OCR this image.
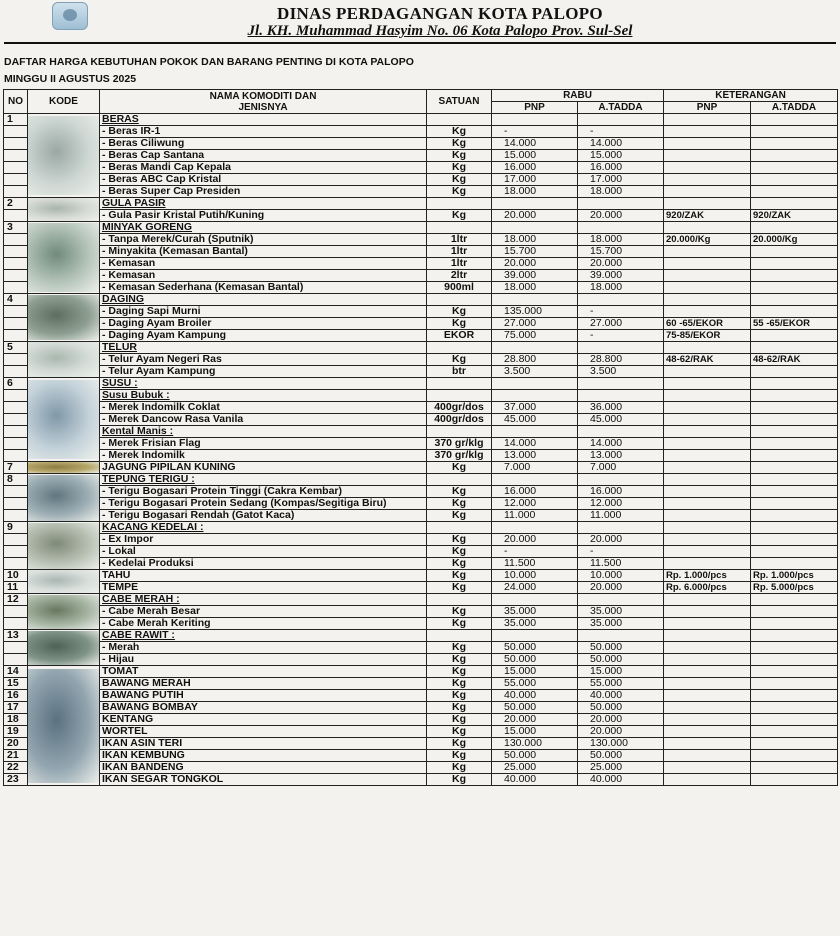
DINAS PERDAGANGAN KOTA PALOPO
Jl. KH. Muhammad Hasyim No. 06 Kota Palopo Prov. Sul-Sel
DAFTAR HARGA KEBUTUHAN POKOK DAN BARANG PENTING DI KOTA PALOPO
MINGGU II AGUSTUS 2025
NO	KODE	NAMA KOMODITI DAN
JENISNYA	SATUAN	RABU		KETERANGAN	
				PNP	A.TADDA	PNP	A.TADDA
1		BERAS					
		- Beras IR-1	Kg	-	-		
		- Beras Ciliwung	Kg	14.000	14.000		
		- Beras Cap Santana	Kg	15.000	15.000		
		- Beras Mandi Cap Kepala	Kg	16.000	16.000		
		- Beras ABC Cap Kristal	Kg	17.000	17.000		
		- Beras Super Cap Presiden	Kg	18.000	18.000		
2		GULA PASIR					
		- Gula Pasir Kristal Putih/Kuning	Kg	20.000	20.000	920/ZAK	920/ZAK
3		MINYAK GORENG					
		- Tanpa Merek/Curah (Sputnik)	1ltr	18.000	18.000	20.000/Kg	20.000/Kg
		- Minyakita (Kemasan Bantal)	1ltr	15.700	15.700		
		- Kemasan	1ltr	20.000	20.000		
		- Kemasan	2ltr	39.000	39.000		
		- Kemasan Sederhana (Kemasan Bantal)	900ml	18.000	18.000		
4		DAGING					
		- Daging Sapi Murni	Kg	135.000	-		
		- Daging Ayam Broiler	Kg	27.000	27.000	60 -65/EKOR	55 -65/EKOR
		- Daging Ayam Kampung	EKOR	75.000	-	75-85/EKOR	
5		TELUR					
		- Telur Ayam Negeri Ras	Kg	28.800	28.800	48-62/RAK	48-62/RAK
		- Telur Ayam Kampung	btr	3.500	3.500		
6		SUSU :					
		Susu Bubuk :					
		- Merek Indomilk Coklat	400gr/dos	37.000	36.000		
		- Merek Dancow Rasa Vanila	400gr/dos	45.000	45.000		
		Kental Manis :					
		- Merek Frisian Flag	370 gr/klg	14.000	14.000		
		- Merek Indomilk	370 gr/klg	13.000	13.000		
7		JAGUNG PIPILAN KUNING	Kg	7.000	7.000		
8		TEPUNG TERIGU :					
		- Terigu Bogasari Protein Tinggi (Cakra Kembar)	Kg	16.000	16.000		
		- Terigu Bogasari Protein Sedang (Kompas/Segitiga Biru)	Kg	12.000	12.000		
		- Terigu Bogasari Rendah (Gatot Kaca)	Kg	11.000	11.000		
9		KACANG KEDELAI :					
		- Ex Impor	Kg	20.000	20.000		
		- Lokal	Kg	-	-		
		- Kedelai Produksi	Kg	11.500	11.500		
10		TAHU	Kg	10.000	10.000	Rp. 1.000/pcs	Rp. 1.000/pcs
11		TEMPE	Kg	24.000	20.000	Rp. 6.000/pcs	Rp. 5.000/pcs
12		CABE MERAH :					
		- Cabe Merah Besar	Kg	35.000	35.000		
		- Cabe Merah Keriting	Kg	35.000	35.000		
13		CABE RAWIT :					
		- Merah	Kg	50.000	50.000		
		- Hijau	Kg	50.000	50.000		
14		TOMAT	Kg	15.000	15.000		
15		BAWANG MERAH	Kg	55.000	55.000		
16		BAWANG PUTIH	Kg	40.000	40.000		
17		BAWANG BOMBAY	Kg	50.000	50.000		
18		KENTANG	Kg	20.000	20.000		
19		WORTEL	Kg	15.000	20.000		
20		IKAN ASIN TERI	Kg	130.000	130.000		
21		IKAN KEMBUNG	Kg	50.000	50.000		
22		IKAN BANDENG	Kg	25.000	25.000		
23		IKAN SEGAR TONGKOL	Kg	40.000	40.000		
